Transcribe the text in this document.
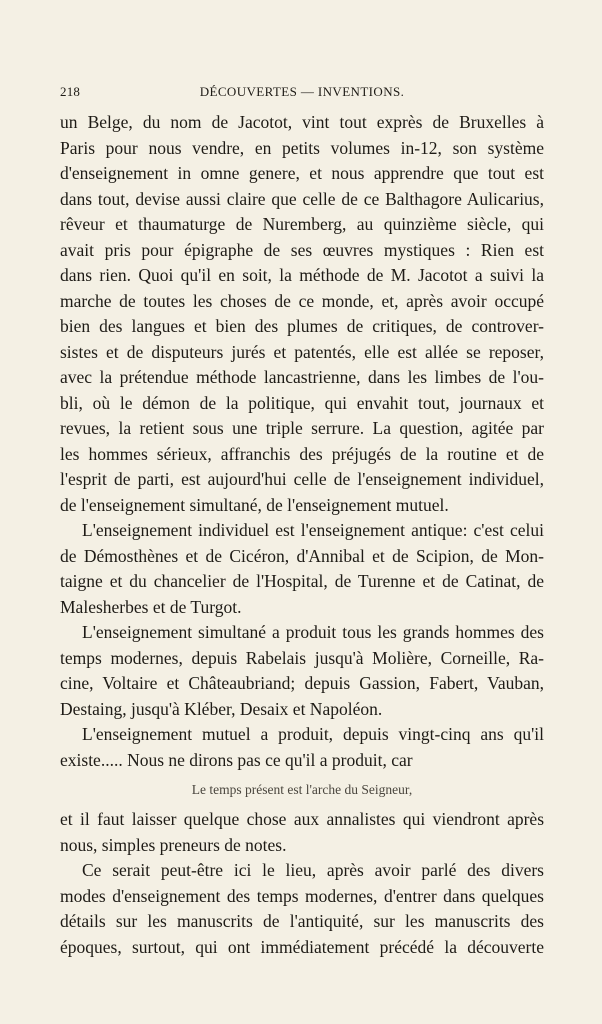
218	DÉCOUVERTES — INVENTIONS.
un Belge, du nom de Jacotot, vint tout exprès de Bruxelles à
Paris pour nous vendre, en petits volumes in-12, son système
d'enseignement in omne genere, et nous apprendre que tout est
dans tout, devise aussi claire que celle de ce Balthagore Aulicarius,
rêveur et thaumaturge de Nuremberg, au quinzième siècle, qui
avait pris pour épigraphe de ses œuvres mystiques : Rien est
dans rien. Quoi qu'il en soit, la méthode de M. Jacotot a suivi la
marche de toutes les choses de ce monde, et, après avoir occupé
bien des langues et bien des plumes de critiques, de controver-
sistes et de disputeurs jurés et patentés, elle est allée se reposer,
avec la prétendue méthode lancastrienne, dans les limbes de l'ou-
bli, où le démon de la politique, qui envahit tout, journaux et
revues, la retient sous une triple serrure. La question, agitée par
les hommes sérieux, affranchis des préjugés de la routine et de
l'esprit de parti, est aujourd'hui celle de l'enseignement individuel,
de l'enseignement simultané, de l'enseignement mutuel.
L'enseignement individuel est l'enseignement antique: c'est celui
de Démosthènes et de Cicéron, d'Annibal et de Scipion, de Mon-
taigne et du chancelier de l'Hospital, de Turenne et de Catinat, de
Malesherbes et de Turgot.
L'enseignement simultané a produit tous les grands hommes des
temps modernes, depuis Rabelais jusqu'à Molière, Corneille, Ra-
cine, Voltaire et Châteaubriand; depuis Gassion, Fabert, Vauban,
Destaing, jusqu'à Kléber, Desaix et Napoléon.
L'enseignement mutuel a produit, depuis vingt-cinq ans qu'il
existe..... Nous ne dirons pas ce qu'il a produit, car
Le temps présent est l'arche du Seigneur,
et il faut laisser quelque chose aux annalistes qui viendront après
nous, simples preneurs de notes.
Ce serait peut-être ici le lieu, après avoir parlé des divers
modes d'enseignement des temps modernes, d'entrer dans quelques
détails sur les manuscrits de l'antiquité, sur les manuscrits des
époques, surtout, qui ont immédiatement précédé la découverte
